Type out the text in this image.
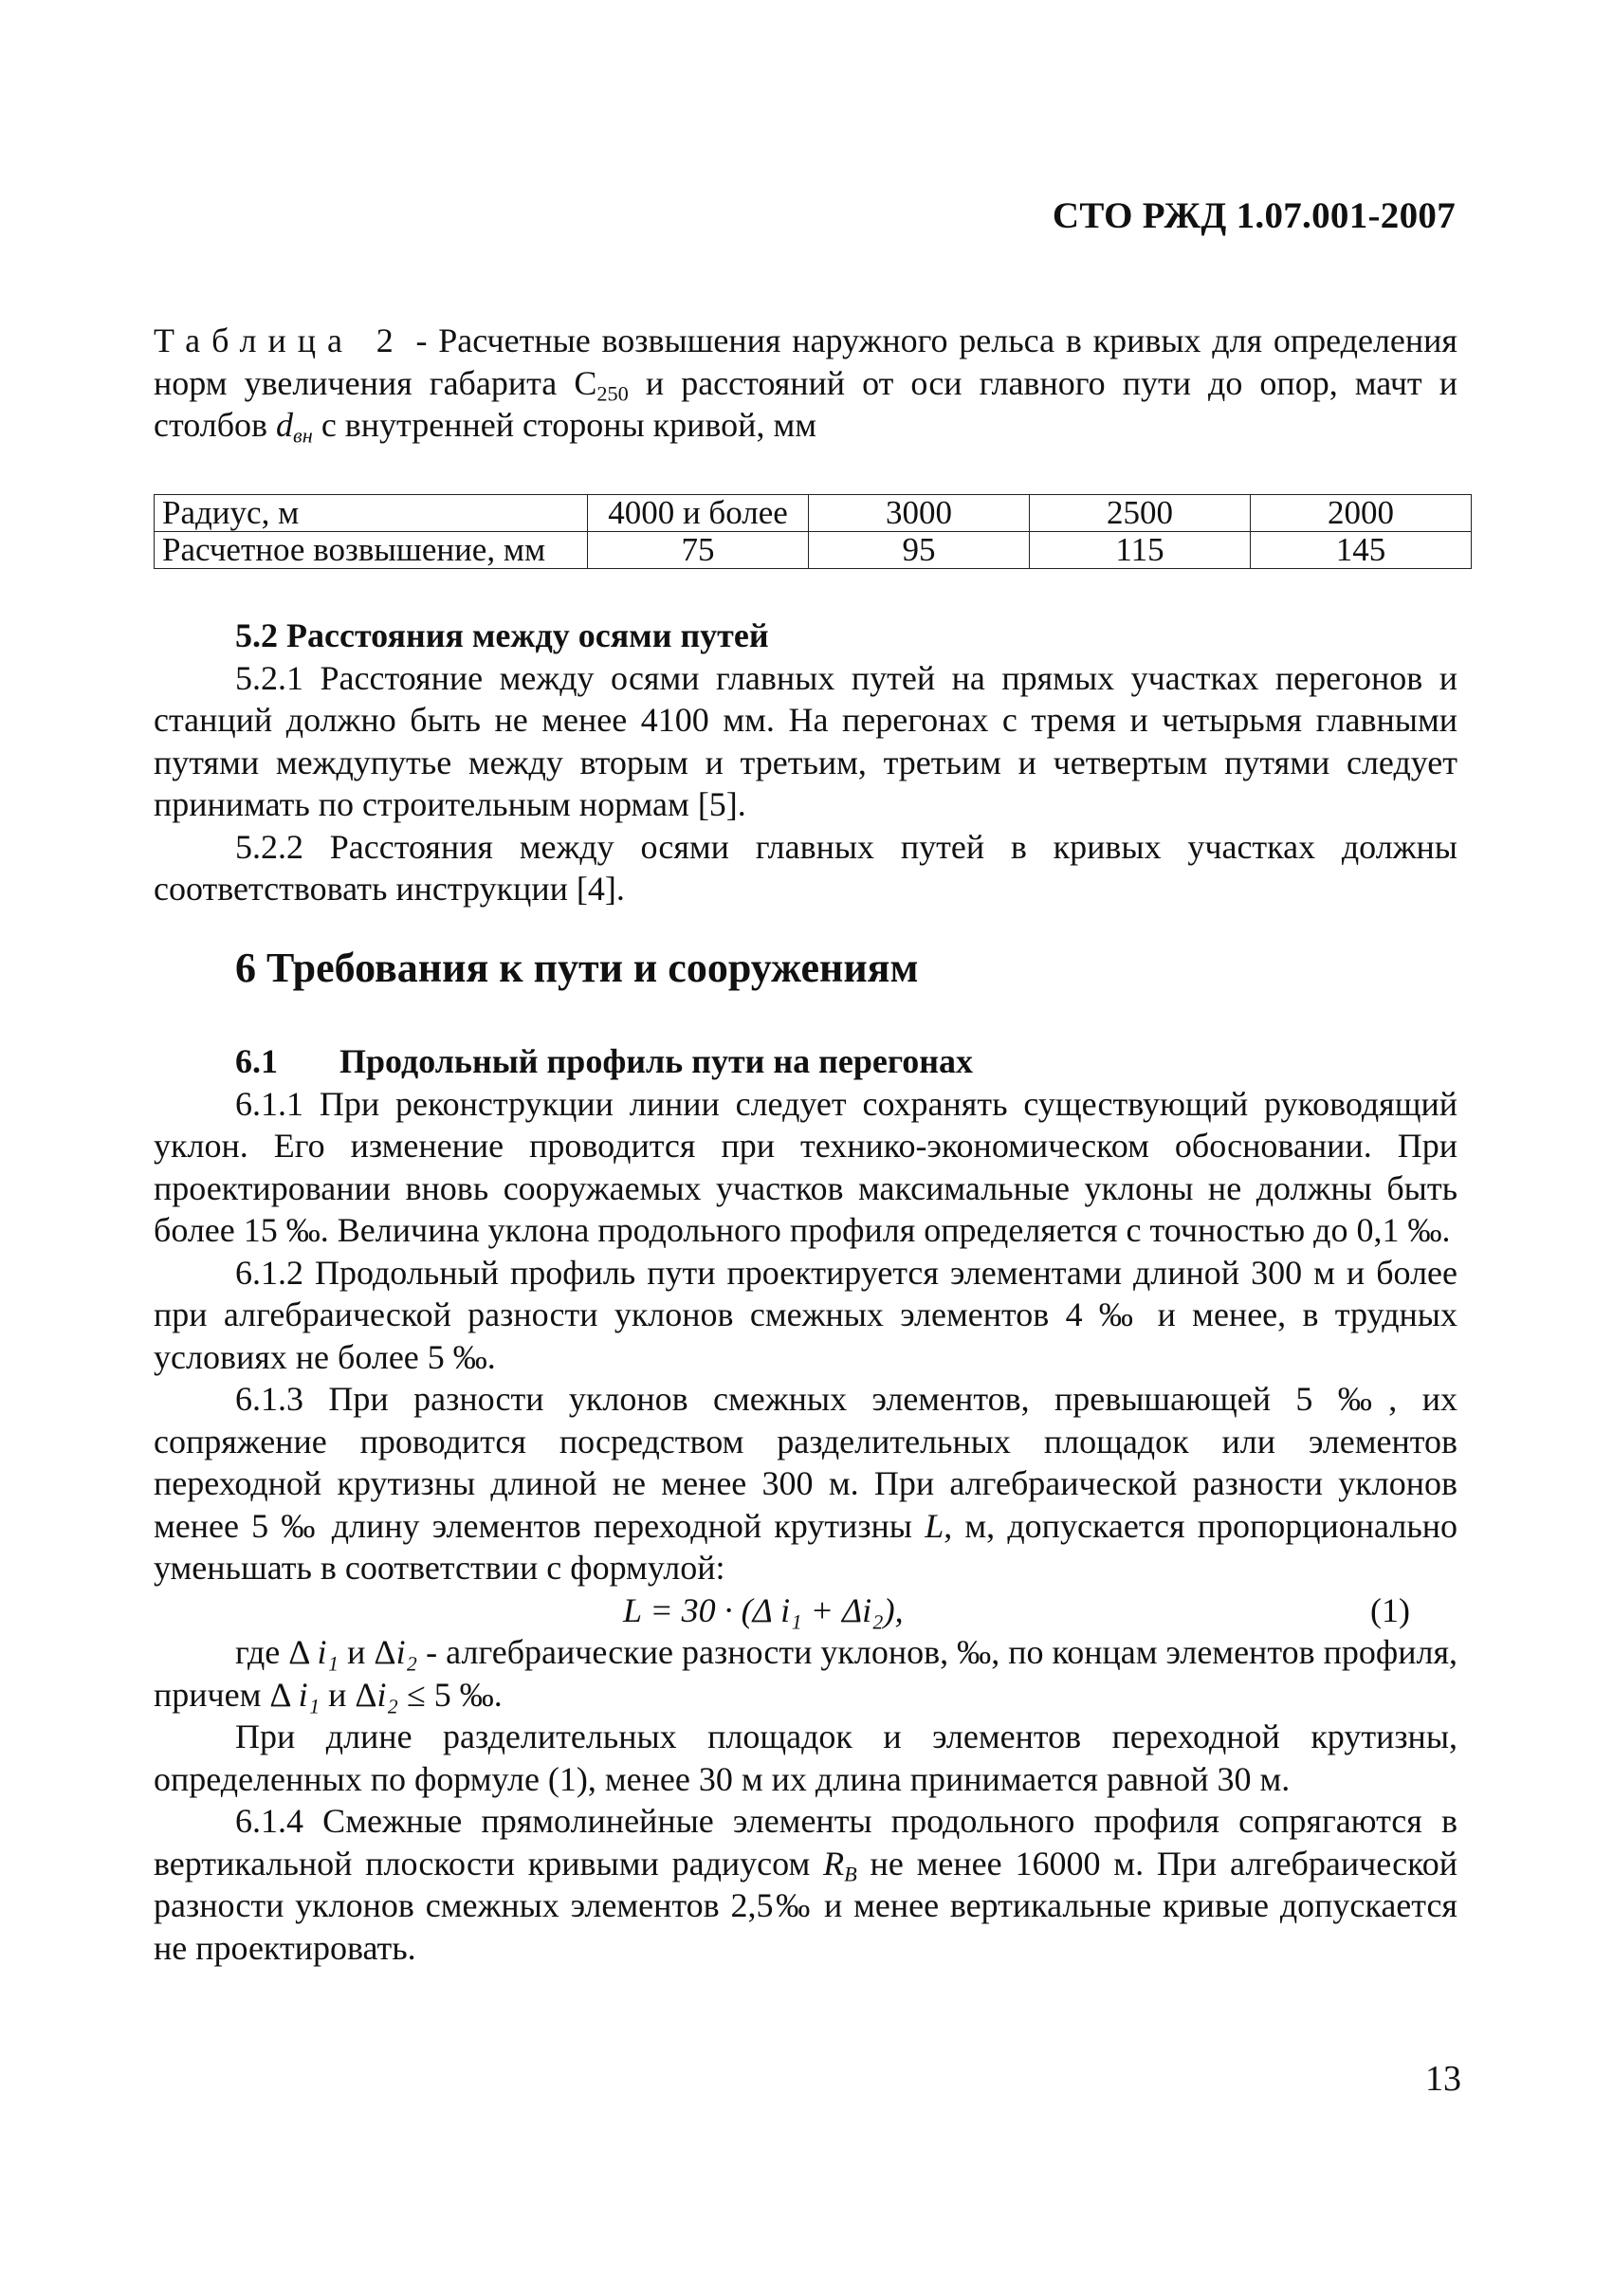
СТО РЖД 1.07.001-2007

Таблица 2 - Расчетные возвышения наружного рельса в кривых для определения норм увеличения габарита $С_{250}$ и расстояний от оси главного пути до опор, мачт и столбов $d_{вн}$ с внутренней стороны кривой, мм

Радиус, м	4000 и более	3000	2500	2000
Расчетное возвышение, мм	75	95	115	145
5.2 Расстояния между осями путей

5.2.1 Расстояние между осями главных путей на прямых участках перегонов и станций должно быть не менее 4100 мм. На перегонах с тремя и четырьмя главными путями междупутье между вторым и третьим, третьим и четвертым путями следует принимать по строительным нормам [5].

5.2.2 Расстояния между осями главных путей в кривых участках должны соответствовать инструкции [4].

6 Требования к пути и сооружениям
6.1 Продольный профиль пути на перегонах

6.1.1 При реконструкции линии следует сохранять существующий руководящий уклон. Его изменение проводится при технико-экономическом обосновании. При проектировании вновь сооружаемых участков максимальные уклоны не должны быть более 15 ‰. Величина уклона продольного профиля определяется с точностью до 0,1 ‰.

6.1.2 Продольный профиль пути проектируется элементами длиной 300 м и более при алгебраической разности уклонов смежных элементов 4 ‰ и менее, в трудных условиях не более 5 ‰.

6.1.3 При разности уклонов смежных элементов, превышающей 5 ‰, их сопряжение проводится посредством разделительных площадок или элементов переходной крутизны длиной не менее 300 м. При алгебраической разности уклонов менее 5 ‰ длину элементов переходной крутизны L, м, допускается пропорционально уменьшать в соответствии с формулой:

L = 30 · (Δ i₁ + Δi₂),	(1)

где Δ i₁ и Δi₂ - алгебраические разности уклонов, ‰, по концам элементов профиля, причем Δ i₁ и Δi₂ ≤ 5 ‰.

При длине разделительных площадок и элементов переходной крутизны, определенных по формуле (1), менее 30 м их длина принимается равной 30 м.

6.1.4 Смежные прямолинейные элементы продольного профиля сопрягаются в вертикальной плоскости кривыми радиусом $R_В$ не менее 16000 м. При алгебраической разности уклонов смежных элементов 2,5‰ и менее вертикальные кривые допускается не проектировать.

13
